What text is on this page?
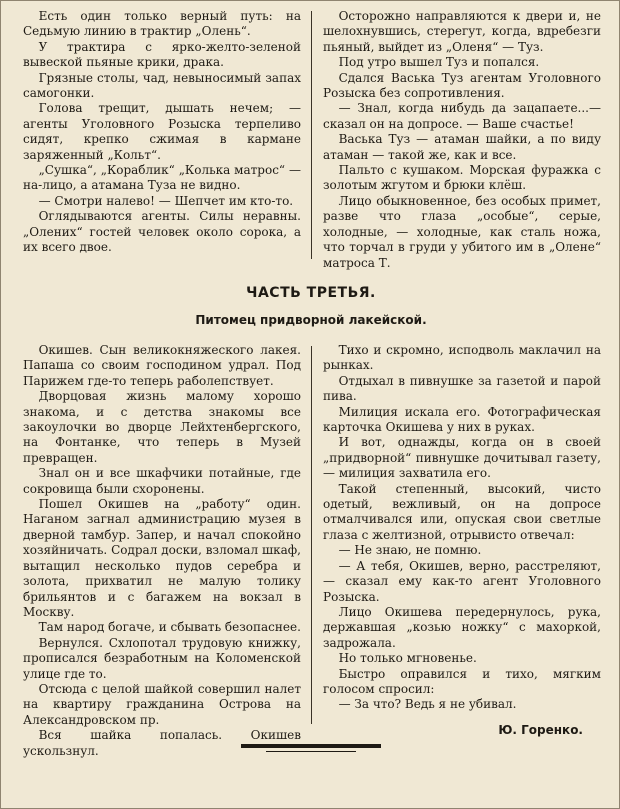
Есть один только верный путь: на Седьмую линию в трактир „Олень“.

У трактира с ярко-желто-зеленой вывеской пьяные крики, драка.

Грязные столы, чад, невыносимый запах самогонки.

Голова трещит, дышать нечем; — агенты Уголовного Розыска терпеливо сидят, крепко сжимая в кармане заряженный „Кольт“.

„Сушка“, „Кораблик“ „Колька матрос“ — на-лицо, а атамана Туза не видно.

— Смотри налево! — Шепчет им кто-то.

Оглядываются агенты. Силы неравны. „Олених“ гостей человек около сорока, а их всего двое.

Осторожно направляются к двери и, не шелохнувшись, стерегут, когда, вдребезги пьяный, выйдет из „Оленя“ — Туз.

Под утро вышел Туз и попался.

Сдался Васька Туз агентам Уголовного Розыска без сопротивления.

— Знал, когда нибудь да зацапаете...— сказал он на допросе. — Ваше счастье!

Васька Туз — атаман шайки, а по виду атаман — такой же, как и все.

Пальто с кушаком. Морская фуражка с золотым жгутом и брюки клёш.

Лицо обыкновенное, без особых примет, разве что глаза „особые“, серые, холодные, — холодные, как сталь ножа, что торчал в груди у убитого им в „Олене“ матроса Т.

ЧАСТЬ ТРЕТЬЯ.
Питомец придворной лакейской.

Окишев. Сын великокняжеского лакея. Папаша со своим господином удрал. Под Парижем где-то теперь раболепствует.

Дворцовая жизнь малому хорошо знакома, и с детства знакомы все закоулочки во дворце Лейхтенбергского, на Фонтанке, что теперь в Музей превращен.

Знал он и все шкафчики потайные, где сокровища были схоронены.

Пошел Окишев на „работу“ один. Наганом загнал администрацию музея в дверной тамбур. Запер, и начал спокойно хозяйничать. Содрал доски, взломал шкаф, вытащил несколько пудов серебра и золота, прихватил не малую толику брильянтов и с багажем на вокзал в Москву.

Там народ богаче, и сбывать безопаснее.

Вернулся. Схлопотал трудовую книжку, прописался безработным на Коломенской улице где то.

Отсюда с целой шайкой совершил налет на квартиру гражданина Острова на Александровском пр.

Вся шайка попалась. Окишев ускользнул.

Тихо и скромно, исподволь маклачил на рынках.

Отдыхал в пивнушке за газетой и парой пива.

Милиция искала его. Фотографическая карточка Окишева у них в руках.

И вот, однажды, когда он в своей „придворной“ пивнушке дочитывал газету, — милиция захватила его.

Такой степенный, высокий, чисто одетый, вежливый, он на допросе отмалчивался или, опуская свои светлые глаза с желтизной, отрывисто отвечал:

— Не знаю, не помню.

— А тебя, Окишев, верно, расстреляют, — сказал ему как-то агент Уголовного Розыска.

Лицо Окишева передернулось, рука, державшая „козью ножку“ с махоркой, задрожала.

Но только мгновенье.

Быстро оправился и тихо, мягким голосом спросил:

— За что? Ведь я не убивал.

Ю. Горенко.
